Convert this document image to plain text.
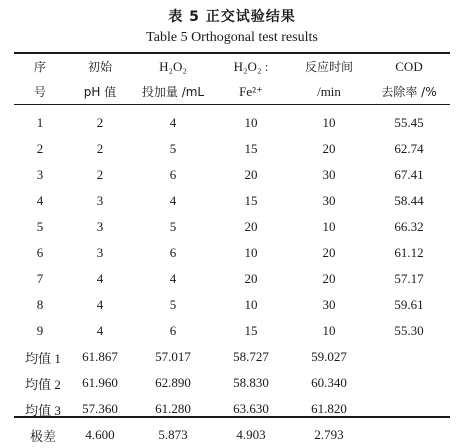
表 5 正交试验结果
Table 5 Orthogonal test results
序	初始	H₂O₂	H₂O₂ :	反应时间	COD
号	pH 值	投加量 /mL	Fe²⁺	/min	去除率 /%
1	2	4	10	10	55.45
2	2	5	15	20	62.74
3	2	6	20	30	67.41
4	3	4	15	30	58.44
5	3	5	20	10	66.32
6	3	6	10	20	61.12
7	4	4	20	20	57.17
8	4	5	10	30	59.61
9	4	6	15	10	55.30
均值 1	61.867	57.017	58.727	59.027	
均值 2	61.960	62.890	58.830	60.340	
均值 3	57.360	61.280	63.630	61.820	
极差	4.600	5.873	4.903	2.793	
